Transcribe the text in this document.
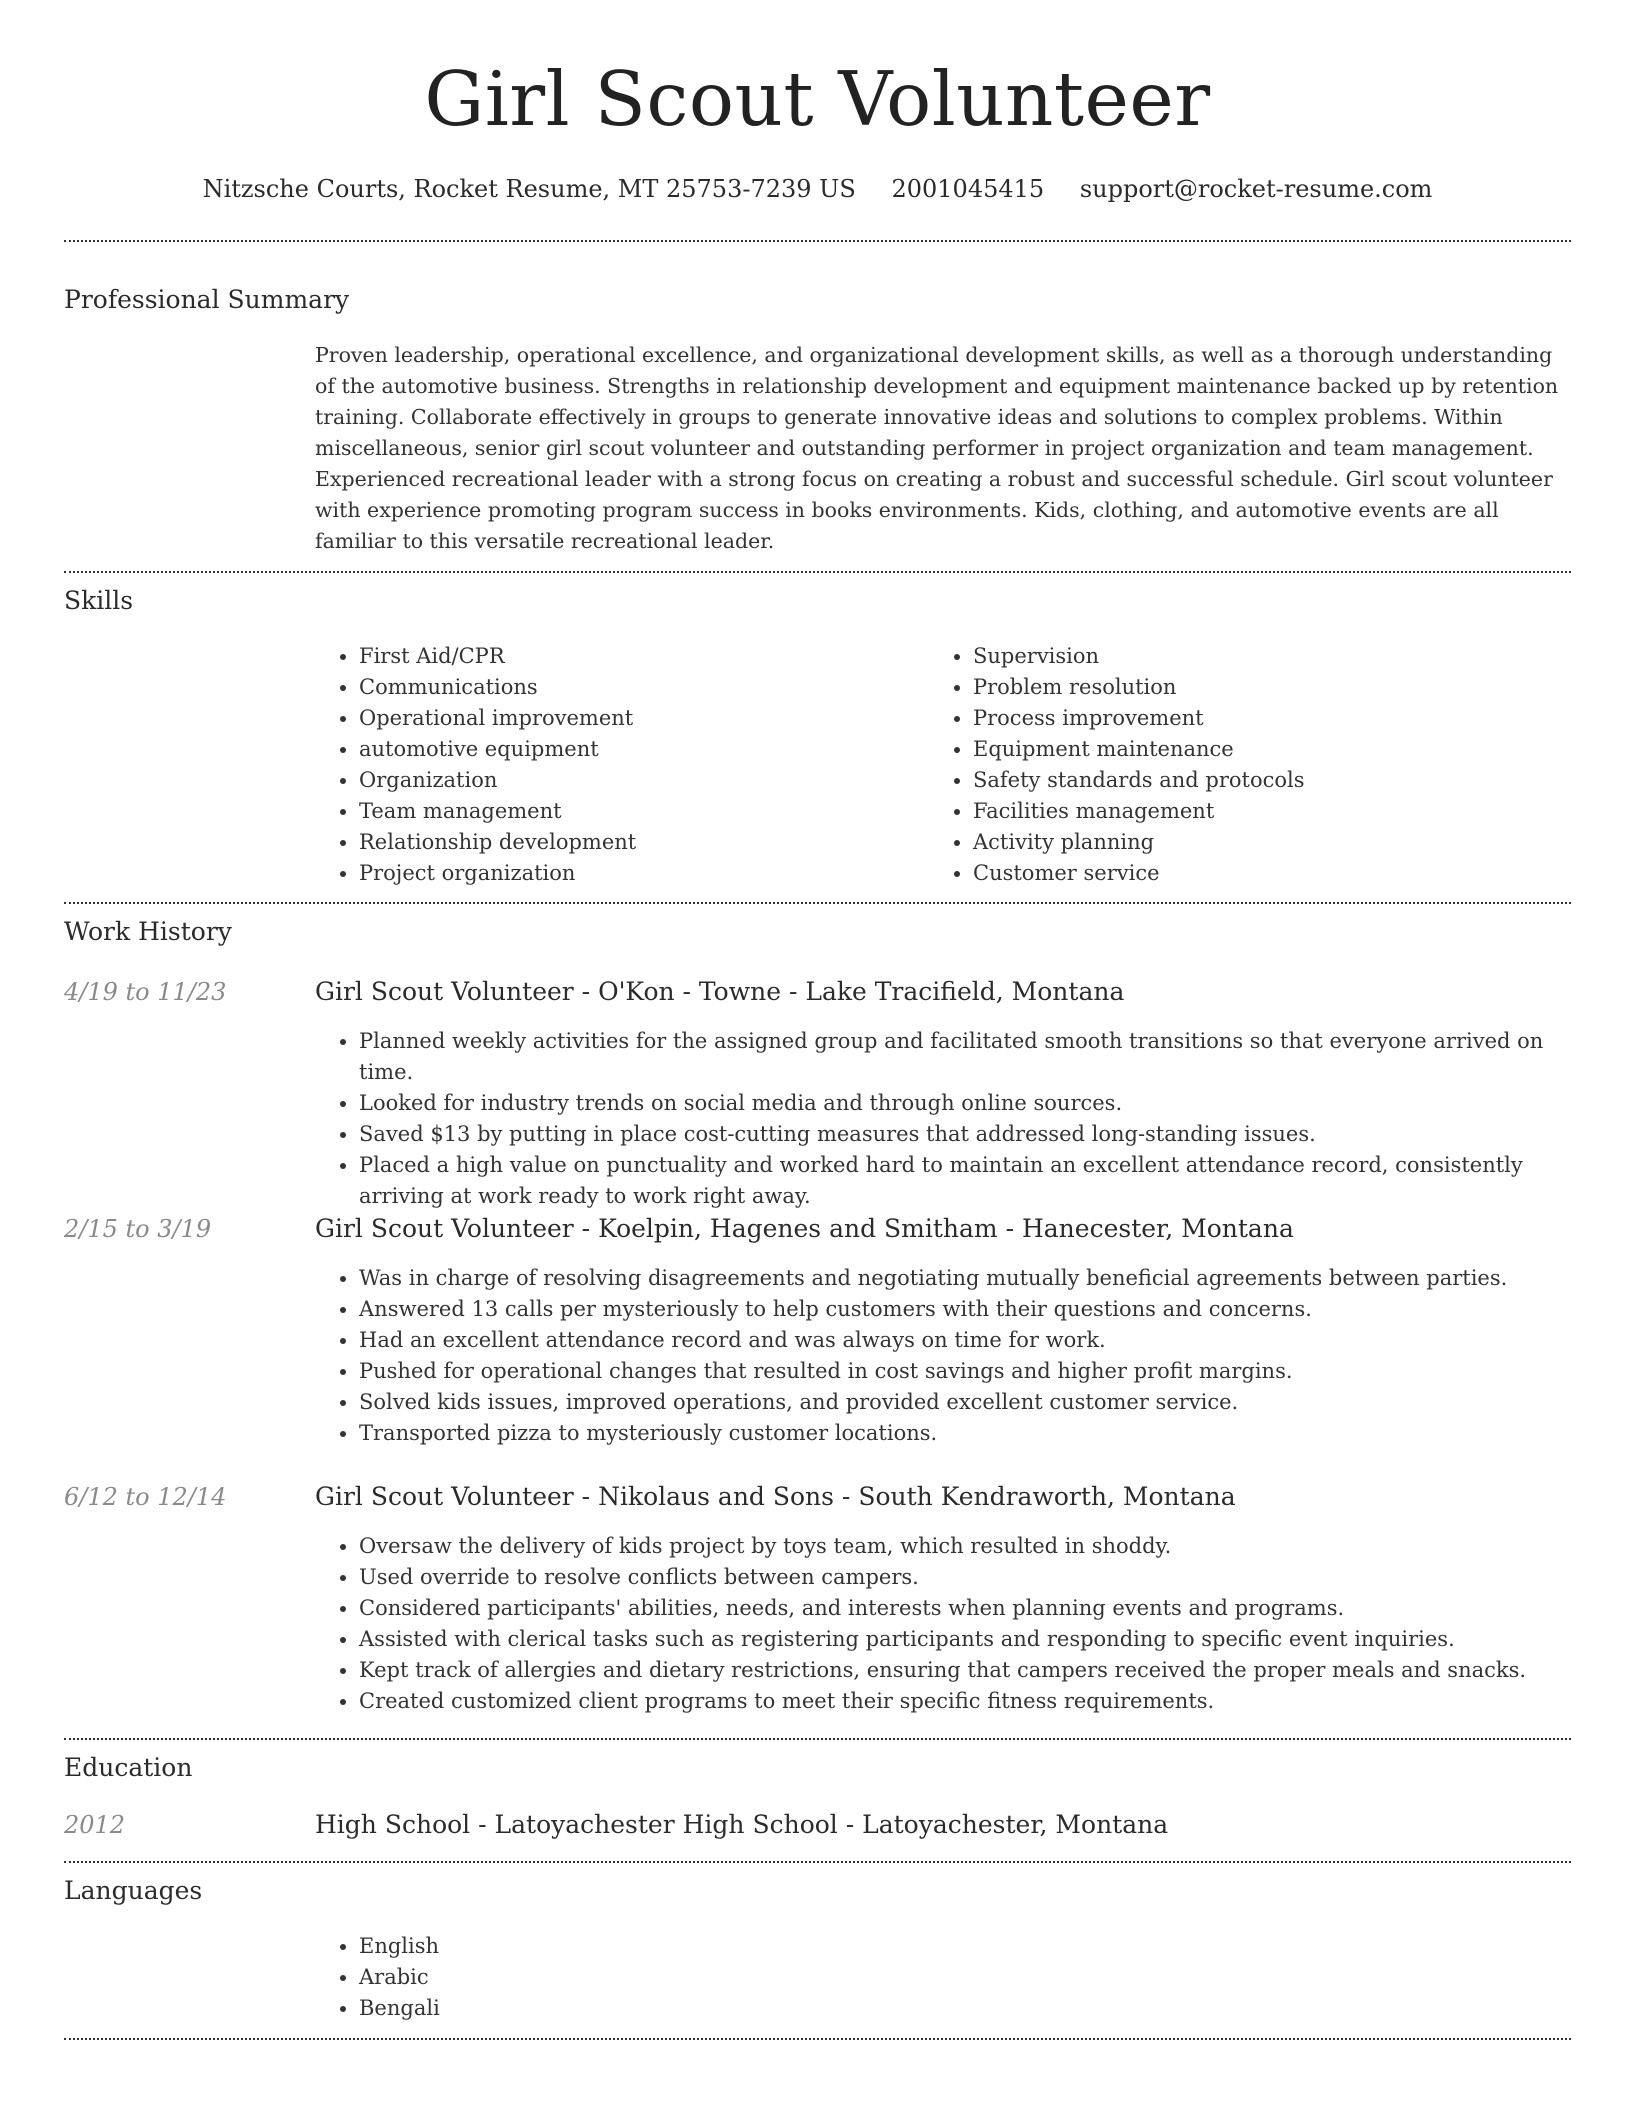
Girl Scout Volunteer
Nitzsche Courts, Rocket Resume, MT 25753-7239 US 2001045415 support@rocket-resume.com
Professional Summary
Proven leadership, operational excellence, and organizational development skills, as well as a thorough understanding of the automotive business. Strengths in relationship development and equipment maintenance backed up by retention training. Collaborate effectively in groups to generate innovative ideas and solutions to complex problems. Within miscellaneous, senior girl scout volunteer and outstanding performer in project organization and team management. Experienced recreational leader with a strong focus on creating a robust and successful schedule. Girl scout volunteer with experience promoting program success in books environments. Kids, clothing, and automotive events are all familiar to this versatile recreational leader.
Skills
• First Aid/CPR
• Communications
• Operational improvement
• automotive equipment
• Organization
• Team management
• Relationship development
• Project organization
• Supervision
• Problem resolution
• Process improvement
• Equipment maintenance
• Safety standards and protocols
• Facilities management
• Activity planning
• Customer service
Work History
4/19 to 11/23	Girl Scout Volunteer - O'Kon - Towne - Lake Tracifield, Montana
• Planned weekly activities for the assigned group and facilitated smooth transitions so that everyone arrived on time.
• Looked for industry trends on social media and through online sources.
• Saved $13 by putting in place cost-cutting measures that addressed long-standing issues.
• Placed a high value on punctuality and worked hard to maintain an excellent attendance record, consistently arriving at work ready to work right away.
2/15 to 3/19	Girl Scout Volunteer - Koelpin, Hagenes and Smitham - Hanecester, Montana
• Was in charge of resolving disagreements and negotiating mutually beneficial agreements between parties.
• Answered 13 calls per mysteriously to help customers with their questions and concerns.
• Had an excellent attendance record and was always on time for work.
• Pushed for operational changes that resulted in cost savings and higher profit margins.
• Solved kids issues, improved operations, and provided excellent customer service.
• Transported pizza to mysteriously customer locations.
6/12 to 12/14	Girl Scout Volunteer - Nikolaus and Sons - South Kendraworth, Montana
• Oversaw the delivery of kids project by toys team, which resulted in shoddy.
• Used override to resolve conflicts between campers.
• Considered participants' abilities, needs, and interests when planning events and programs.
• Assisted with clerical tasks such as registering participants and responding to specific event inquiries.
• Kept track of allergies and dietary restrictions, ensuring that campers received the proper meals and snacks.
• Created customized client programs to meet their specific fitness requirements.
Education
2012	High School - Latoyachester High School - Latoyachester, Montana
Languages
• English
• Arabic
• Bengali
